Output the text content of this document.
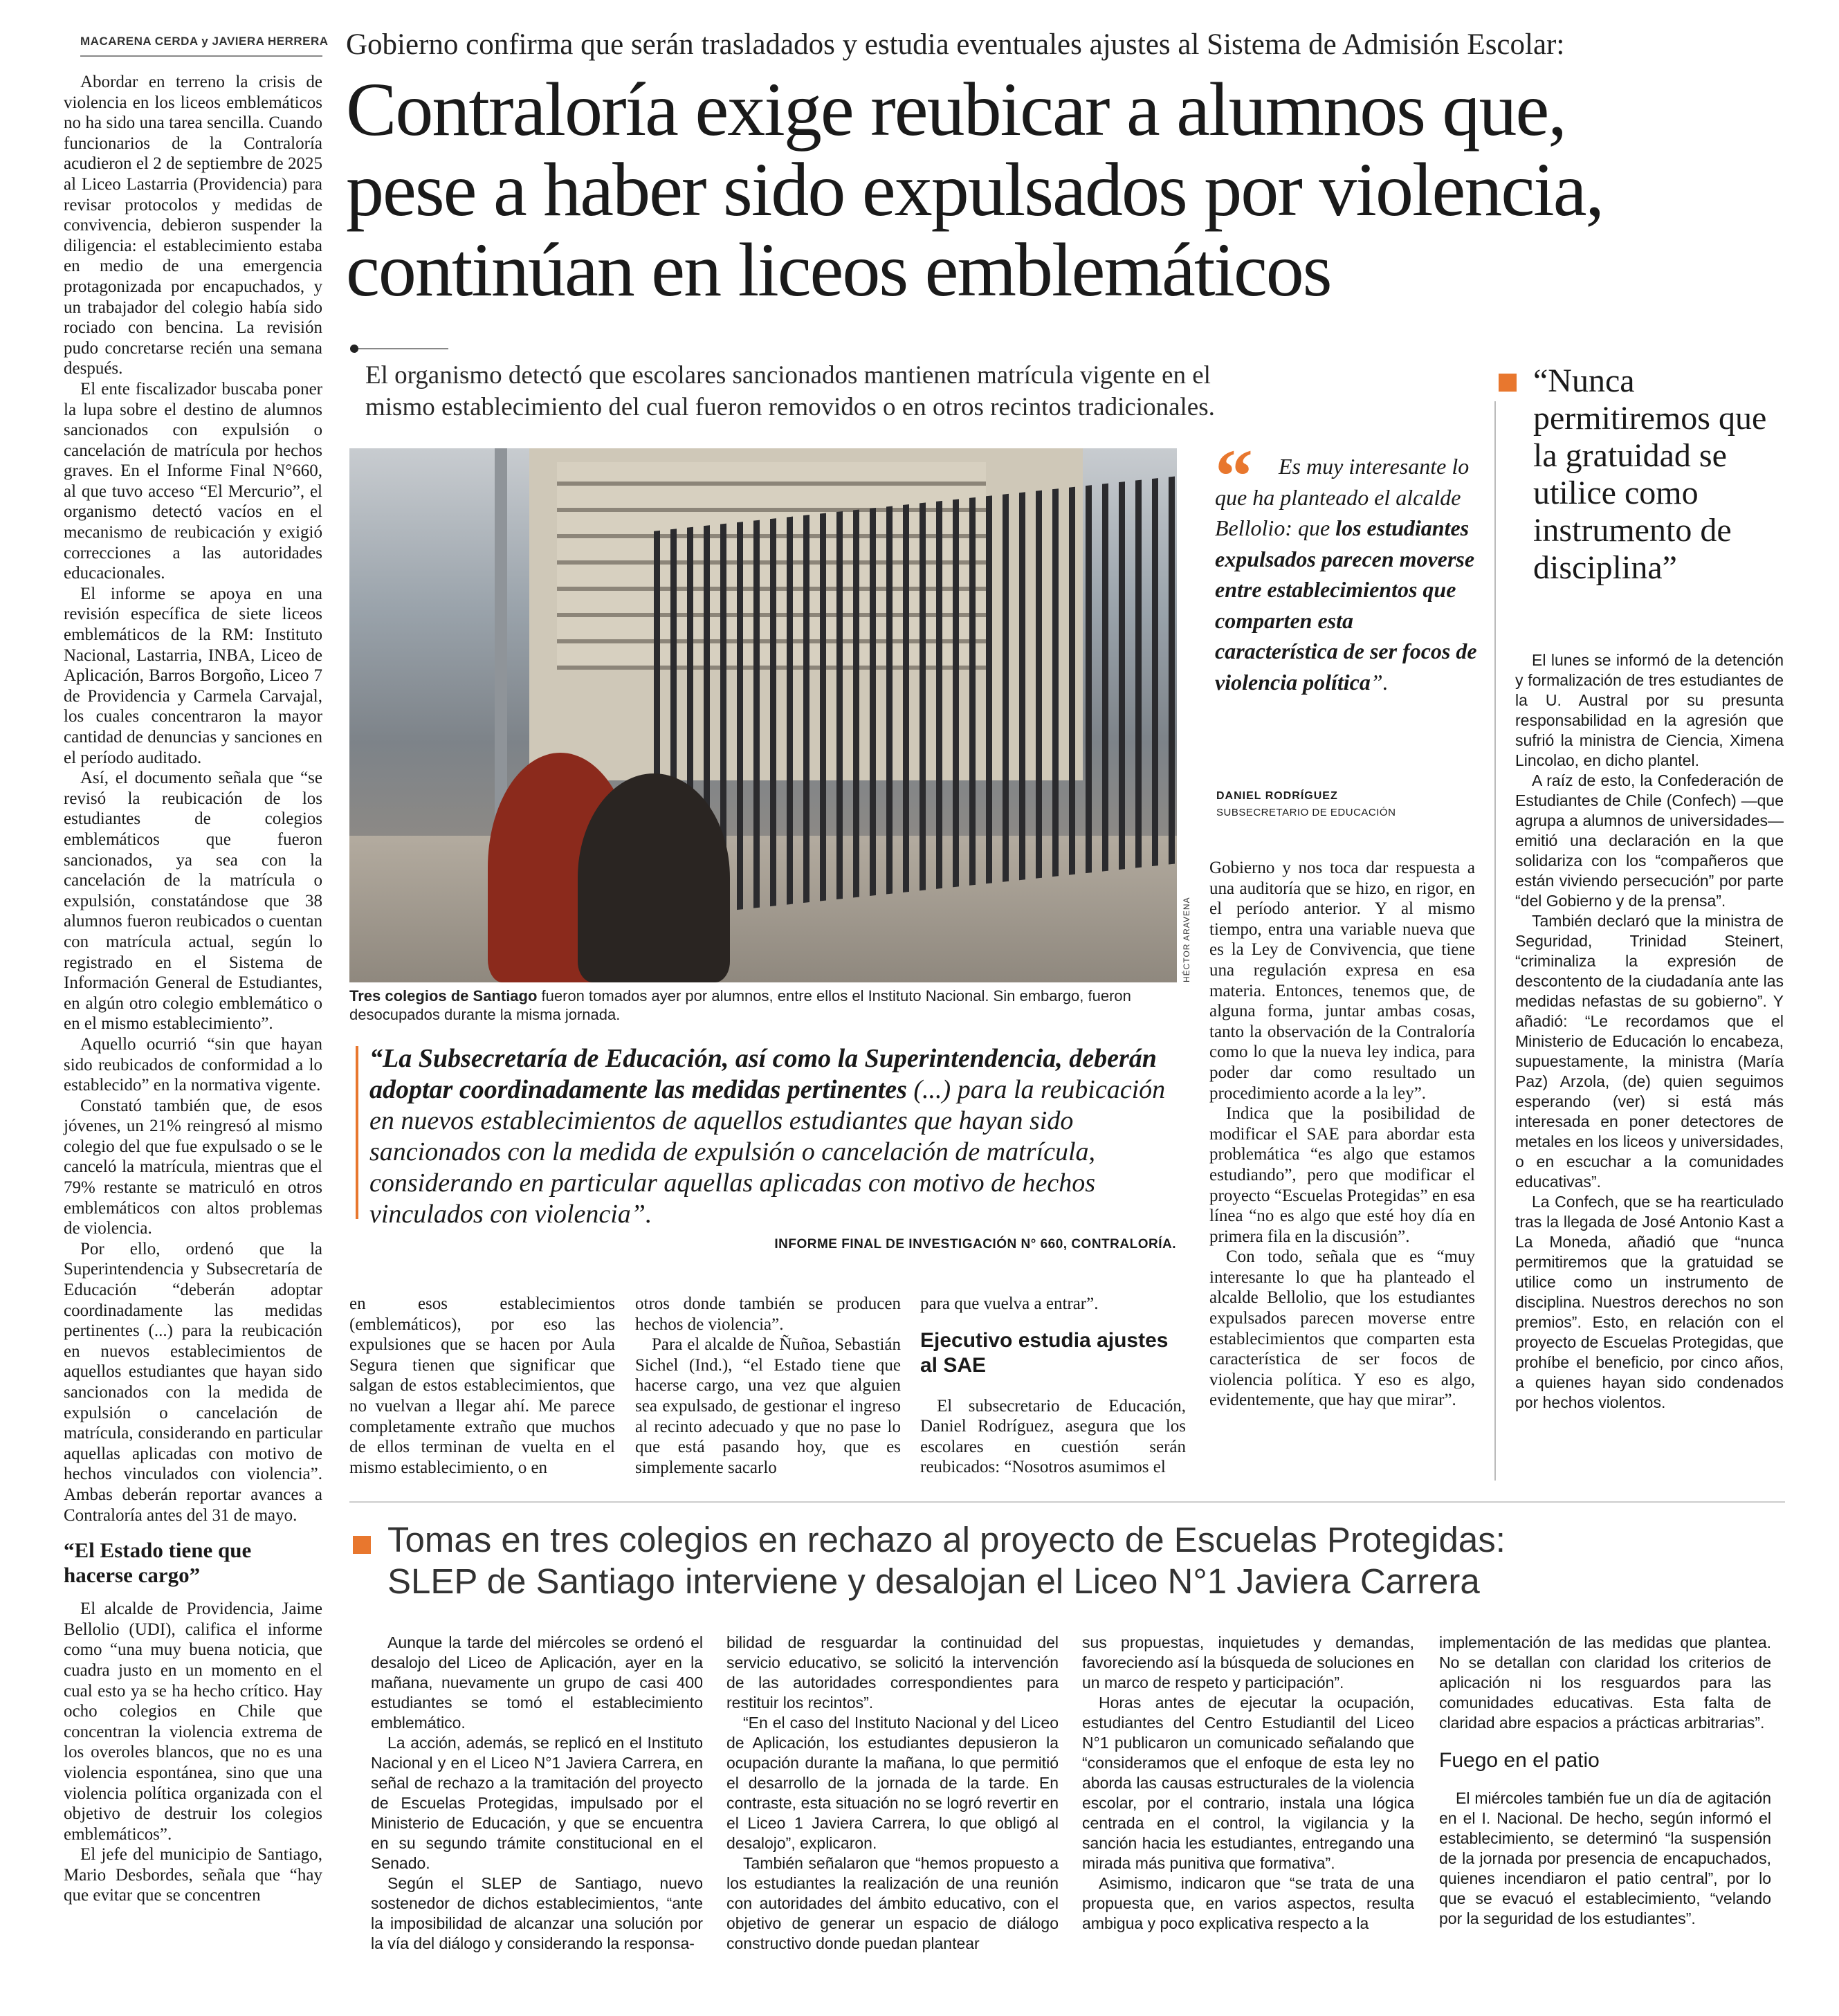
MACARENA CERDA y JAVIERA HERRERA Gobierno confirma que serán trasladados y estudia eventuales ajustes al Sistema de Admisión Escolar:
Contraloría exige reubicar a alumnos que,
pese a haber sido expulsados por violencia,
continúan en liceos emblemáticos
El organismo detectó que escolares sancionados mantienen matrícula vigente en el
mismo establecimiento del cual fueron removidos o en otros recintos tradicionales.

Abordar en terreno la crisis de violencia en los liceos emblemáticos no ha sido una tarea sencilla. Cuando funcionarios de la Contraloría acudieron el 2 de septiembre de 2025 al Liceo Lastarria (Providencia) para revisar protocolos y medidas de convivencia, debieron suspender la diligencia: el establecimiento estaba en medio de una emergencia protagonizada por encapuchados, y un trabajador del colegio había sido rociado con bencina. La revisión pudo concretarse recién una semana después.

El ente fiscalizador buscaba poner la lupa sobre el destino de alumnos sancionados con expulsión o cancelación de matrícula por hechos graves. En el Informe Final N°660, al que tuvo acceso “El Mercurio”, el organismo detectó vacíos en el mecanismo de reubicación y exigió correcciones a las autoridades educacionales.

El informe se apoya en una revisión específica de siete liceos emblemáticos de la RM: Instituto Nacional, Lastarria, INBA, Liceo de Aplicación, Barros Borgoño, Liceo 7 de Providencia y Carmela Carvajal, los cuales concentraron la mayor cantidad de denuncias y sanciones en el período auditado.

Así, el documento señala que “se revisó la reubicación de los estudiantes de colegios emblemáticos que fueron sancionados, ya sea con la cancelación de la matrícula o expulsión, constatándose que 38 alumnos fueron reubicados o cuentan con matrícula actual, según lo registrado en el Sistema de Información General de Estudiantes, en algún otro colegio emblemático o en el mismo establecimiento”.

Aquello ocurrió “sin que hayan sido reubicados de conformidad a lo establecido” en la normativa vigente.

Constató también que, de esos jóvenes, un 21% reingresó al mismo colegio del que fue expulsado o se le canceló la matrícula, mientras que el 79% restante se matriculó en otros emblemáticos con altos problemas de violencia.

Por ello, ordenó que la Superintendencia y Subsecretaría de Educación “deberán adoptar coordinadamente las medidas pertinentes (...) para la reubicación en nuevos establecimientos de aquellos estudiantes que hayan sido sancionados con la medida de expulsión o cancelación de matrícula, considerando en particular aquellas aplicadas con motivo de hechos vinculados con violencia”. Ambas deberán reportar avances a Contraloría antes del 31 de mayo.

“El Estado tiene que hacerse cargo”

El alcalde de Providencia, Jaime Bellolio (UDI), califica el informe como “una muy buena noticia, que cuadra justo en un momento en el cual esto ya se ha hecho crítico. Hay ocho colegios en Chile que concentran la violencia extrema de los overoles blancos, que no es una violencia espontánea, sino que una violencia política organizada con el objetivo de destruir los colegios emblemáticos”.

El jefe del municipio de Santiago, Mario Desbordes, señala que “hay que evitar que se concentren

HÉCTOR ARAVENA
Tres colegios de Santiago fueron tomados ayer por alumnos, entre ellos el Instituto Nacional. Sin embargo, fueron desocupados durante la misma jornada.
“La Subsecretaría de Educación, así como la Superintendencia, deberán adoptar coordinadamente las medidas pertinentes (...) para la reubicación en nuevos establecimientos de aquellos estudiantes que hayan sido sancionados con la medida de expulsión o cancelación de matrícula, considerando en particular aquellas aplicadas con motivo de hechos vinculados con violencia”.
INFORME FINAL DE INVESTIGACIÓN N° 660, CONTRALORÍA.
“	Es muy interesante lo que ha planteado el alcalde Bellolio: que los estudiantes expulsados parecen moverse entre establecimientos que comparten esta característica de ser focos de violencia política”.
DANIEL RODRÍGUEZ
SUBSECRETARIO DE EDUCACIÓN

en esos establecimientos (emblemáticos), por eso las expulsiones que se hacen por Aula Segura tienen que significar que salgan de estos establecimientos, que no vuelvan a llegar ahí. Me parece completamente extraño que muchos de ellos terminan de vuelta en el mismo establecimiento, o en

otros donde también se producen hechos de violencia”.

Para el alcalde de Ñuñoa, Sebastián Sichel (Ind.), “el Estado tiene que hacerse cargo, una vez que alguien sea expulsado, de gestionar el ingreso al recinto adecuado y que no pase lo que está pasando hoy, que es simplemente sacarlo

para que vuelva a entrar”.

Ejecutivo estudia ajustes al SAE

El subsecretario de Educación, Daniel Rodríguez, asegura que los escolares en cuestión serán reubicados: “Nosotros asumimos el

Gobierno y nos toca dar respuesta a una auditoría que se hizo, en rigor, en el período anterior. Y al mismo tiempo, entra una variable nueva que es la Ley de Convivencia, que tiene una regulación expresa en esa materia. Entonces, tenemos que, de alguna forma, juntar ambas cosas, tanto la observación de la Contraloría como lo que la nueva ley indica, para poder dar como resultado un procedimiento acorde a la ley”.

Indica que la posibilidad de modificar el SAE para abordar esta problemática “es algo que estamos estudiando”, pero que modificar el proyecto “Escuelas Protegidas” en esa línea “no es algo que esté hoy día en primera fila en la discusión”.

Con todo, señala que es “muy interesante lo que ha planteado el alcalde Bellolio, que los estudiantes expulsados parecen moverse entre establecimientos que comparten esta característica de ser focos de violencia política. Y eso es algo, evidentemente, que hay que mirar”.

“Nunca permitiremos que la gratuidad se utilice como instrumento de disciplina”

El lunes se informó de la detención y formalización de tres estudiantes de la U. Austral por su presunta responsabilidad en la agresión que sufrió la ministra de Ciencia, Ximena Lincolao, en dicho plantel.

A raíz de esto, la Confederación de Estudiantes de Chile (Confech) —que agrupa a alumnos de universidades— emitió una declaración en la que solidariza con los “compañeros que están viviendo persecución” por parte “del Gobierno y de la prensa”.

También declaró que la ministra de Seguridad, Trinidad Steinert, “criminaliza la expresión de descontento de la ciudadanía ante las medidas nefastas de su gobierno”. Y añadió: “Le recordamos que el Ministerio de Educación lo encabeza, supuestamente, la ministra (María Paz) Arzola, (de) quien seguimos esperando (ver) si está más interesada en poner detectores de metales en los liceos y universidades, o en escuchar a la comunidades educativas”.

La Confech, que se ha rearticulado tras la llegada de José Antonio Kast a La Moneda, añadió que “nunca permitiremos que la gratuidad se utilice como un instrumento de disciplina. Nuestros derechos no son premios”. Esto, en relación con el proyecto de Escuelas Protegidas, que prohíbe el beneficio, por cinco años, a quienes hayan sido condenados por hechos violentos.

Tomas en tres colegios en rechazo al proyecto de Escuelas Protegidas:
SLEP de Santiago interviene y desalojan el Liceo N°1 Javiera Carrera

Aunque la tarde del miércoles se ordenó el desalojo del Liceo de Aplicación, ayer en la mañana, nuevamente un grupo de casi 400 estudiantes se tomó el establecimiento emblemático.

La acción, además, se replicó en el Instituto Nacional y en el Liceo N°1 Javiera Carrera, en señal de rechazo a la tramitación del proyecto de Escuelas Protegidas, impulsado por el Ministerio de Educación, y que se encuentra en su segundo trámite constitucional en el Senado.

Según el SLEP de Santiago, nuevo sostenedor de dichos establecimientos, “ante la imposibilidad de alcanzar una solución por la vía del diálogo y considerando la responsa-

bilidad de resguardar la continuidad del servicio educativo, se solicitó la intervención de las autoridades correspondientes para restituir los recintos”.

“En el caso del Instituto Nacional y del Liceo de Aplicación, los estudiantes depusieron la ocupación durante la mañana, lo que permitió el desarrollo de la jornada de la tarde. En contraste, esta situación no se logró revertir en el Liceo 1 Javiera Carrera, lo que obligó al desalojo”, explicaron.

También señalaron que “hemos propuesto a los estudiantes la realización de una reunión con autoridades del ámbito educativo, con el objetivo de generar un espacio de diálogo constructivo donde puedan plantear

sus propuestas, inquietudes y demandas, favoreciendo así la búsqueda de soluciones en un marco de respeto y participación”.

Horas antes de ejecutar la ocupación, estudiantes del Centro Estudiantil del Liceo N°1 publicaron un comunicado señalando que “consideramos que el enfoque de esta ley no aborda las causas estructurales de la violencia escolar, por el contrario, instala una lógica centrada en el control, la vigilancia y la sanción hacia les estudiantes, entregando una mirada más punitiva que formativa”.

Asimismo, indicaron que “se trata de una propuesta que, en varios aspectos, resulta ambigua y poco explicativa respecto a la

implementación de las medidas que plantea. No se detallan con claridad los criterios de aplicación ni los resguardos para las comunidades educativas. Esta falta de claridad abre espacios a prácticas arbitrarias”.

Fuego en el patio

El miércoles también fue un día de agitación en el I. Nacional. De hecho, según informó el establecimiento, se determinó “la suspensión de la jornada por presencia de encapuchados, quienes incendiaron el patio central”, por lo que se evacuó el establecimiento, “velando por la seguridad de los estudiantes”.
